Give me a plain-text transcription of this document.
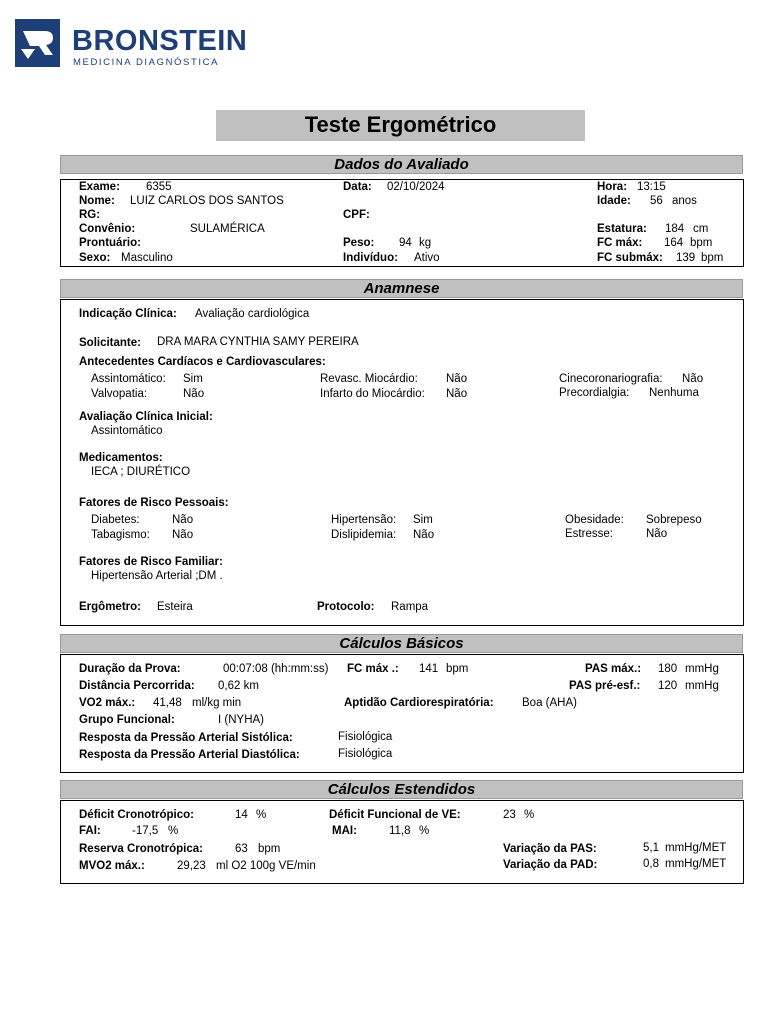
BRONSTEIN
MEDICINA DIAGNÓSTICA
Teste Ergométrico
Dados do Avaliado
Exame: 6355	Data: 02/10/2024	Hora: 13:15
Nome: LUIZ CARLOS DOS SANTOS	Idade: 56 anos
RG:	CPF:
Convênio:	SULAMÉRICA	Estatura: 184 cm
Prontuário:	Peso: 94 kg	FC máx: 164 bpm
Sexo: Masculino	Indivíduo: Ativo	FC submáx: 139 bpm
Anamnese
Indicação Clínica: Avaliação cardiológica
Solicitante: DRA MARA CYNTHIA SAMY PEREIRA
Antecedentes Cardíacos e Cardiovasculares:
Assintomático: Sim	Revasc. Miocárdio: Não	Cinecoronariografia: Não
Valvopatia:	Não	Infarto do Miocárdio: Não	Precordialgia: Nenhuma
Avaliação Clínica Inicial:
Assintomático
Medicamentos:
IECA ; DIURÉTICO
Fatores de Risco Pessoais:
Diabetes:	Não	Hipertensão: Sim	Obesidade: Sobrepeso
Tabagismo: Não	Dislipidemia: Não	Estresse:	Não
Fatores de Risco Familiar:
Hipertensão Arterial ;DM .
Ergômetro: Esteira	Protocolo: Rampa
Cálculos Básicos
Duração da Prova:	00:07:08 (hh:mm:ss) FC máx .: 141 bpm	PAS máx.: 180 mmHg
Distância Percorrida: 0,62 km	PAS pré-esf.: 120 mmHg
VO2 máx.: 41,48 ml/kg min	Aptidão Cardiorespiratória: Boa (AHA)
Grupo Funcional:	I (NYHA)
Resposta da Pressão Arterial Sistólica:	Fisiológica
Resposta da Pressão Arterial Diastólica:	Fisiológica
Cálculos Estendidos
Déficit Cronotrópico:	14 %	Déficit Funcional de VE:	23 %
FAI:	-17,5 %	MAI:	11,8 %
Reserva Cronotrópica:	63 bpm	Variação da PAS:	5,1 mmHg/MET
MVO2 máx.:	29,23 ml O2 100g VE/min	Variação da PAD:	0,8 mmHg/MET
